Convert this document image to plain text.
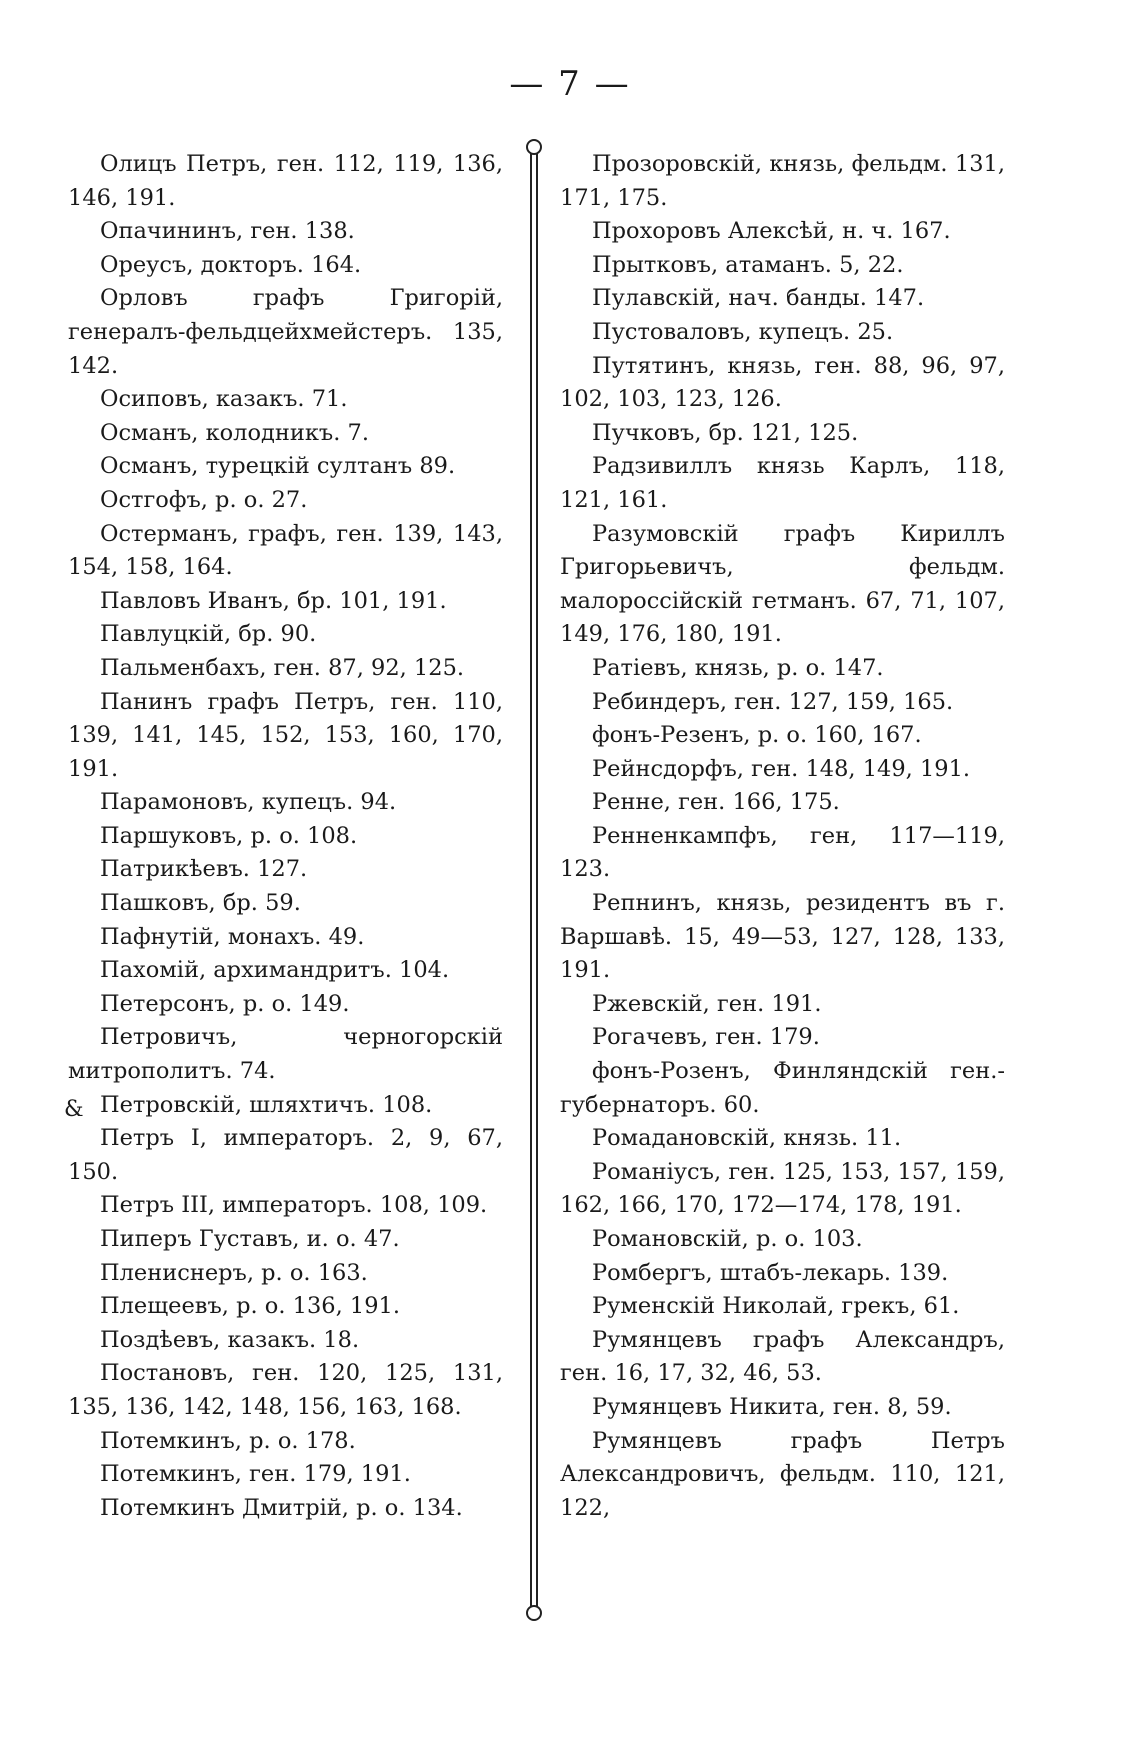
— 7 —

Олицъ Петръ, ген. 112, 119, 136, 146, 191.

Опачининъ, ген. 138.

Ореусъ, докторъ. 164.

Орловъ графъ Григорій, генералъ-фельдцейхмейстеръ. 135, 142.

Осиповъ, казакъ. 71.

Османъ, колодникъ. 7.

Османъ, турецкій султанъ 89.

Остгофъ, р. о. 27.

Остерманъ, графъ, ген. 139, 143, 154, 158, 164.

Павловъ Иванъ, бр. 101, 191.

Павлуцкій, бр. 90.

Пальменбахъ, ген. 87, 92, 125.

Панинъ графъ Петръ, ген. 110, 139, 141, 145, 152, 153, 160, 170, 191.

Парамоновъ, купецъ. 94.

Паршуковъ, р. о. 108.

Патрикѣевъ. 127.

Пашковъ, бр. 59.

Пафнутій, монахъ. 49.

Пахомій, архимандритъ. 104.

Петерсонъ, р. о. 149.

Петровичъ, черногорскій митрополитъ. 74.

Петровскій, шляхтичъ. 108.

Петръ I, императоръ. 2, 9, 67, 150.

Петръ III, императоръ. 108, 109.

Пиперъ Густавъ, и. о. 47.

Плениснеръ, р. о. 163.

Плещеевъ, р. о. 136, 191.

Поздѣевъ, казакъ. 18.

Постановъ, ген. 120, 125, 131, 135, 136, 142, 148, 156, 163, 168.

Потемкинъ, р. о. 178.

Потемкинъ, ген. 179, 191.

Потемкинъ Дмитрій, р. о. 134.

Прозоровскій, князь, фельдм. 131, 171, 175.

Прохоровъ Алексѣй, н. ч. 167.

Прытковъ, атаманъ. 5, 22.

Пулавскій, нач. банды. 147.

Пустоваловъ, купецъ. 25.

Путятинъ, князь, ген. 88, 96, 97, 102, 103, 123, 126.

Пучковъ, бр. 121, 125.

Радзивиллъ князь Карлъ, 118, 121, 161.

Разумовскій графъ Кириллъ Григорьевичъ, фельдм. малороссійскій гетманъ. 67, 71, 107, 149, 176, 180, 191.

Ратіевъ, князь, р. о. 147.

Ребиндеръ, ген. 127, 159, 165.

фонъ-Резенъ, р. о. 160, 167.

Рейнсдорфъ, ген. 148, 149, 191.

Ренне, ген. 166, 175.

Ренненкампфъ, ген, 117—119, 123.

Репнинъ, князь, резидентъ въ г. Варшавѣ. 15, 49—53, 127, 128, 133, 191.

Ржевскій, ген. 191.

Рогачевъ, ген. 179.

фонъ-Розенъ, Финляндскій ген.-губернаторъ. 60.

Ромадановскій, князь. 11.

Романіусъ, ген. 125, 153, 157, 159, 162, 166, 170, 172—174, 178, 191.

Романовскій, р. о. 103.

Ромбергъ, штабъ-лекарь. 139.

Руменскій Николай, грекъ, 61.

Румянцевъ графъ Александръ, ген. 16, 17, 32, 46, 53.

Румянцевъ Никита, ген. 8, 59.

Румянцевъ графъ Петръ Александровичъ, фельдм. 110, 121, 122,

&
